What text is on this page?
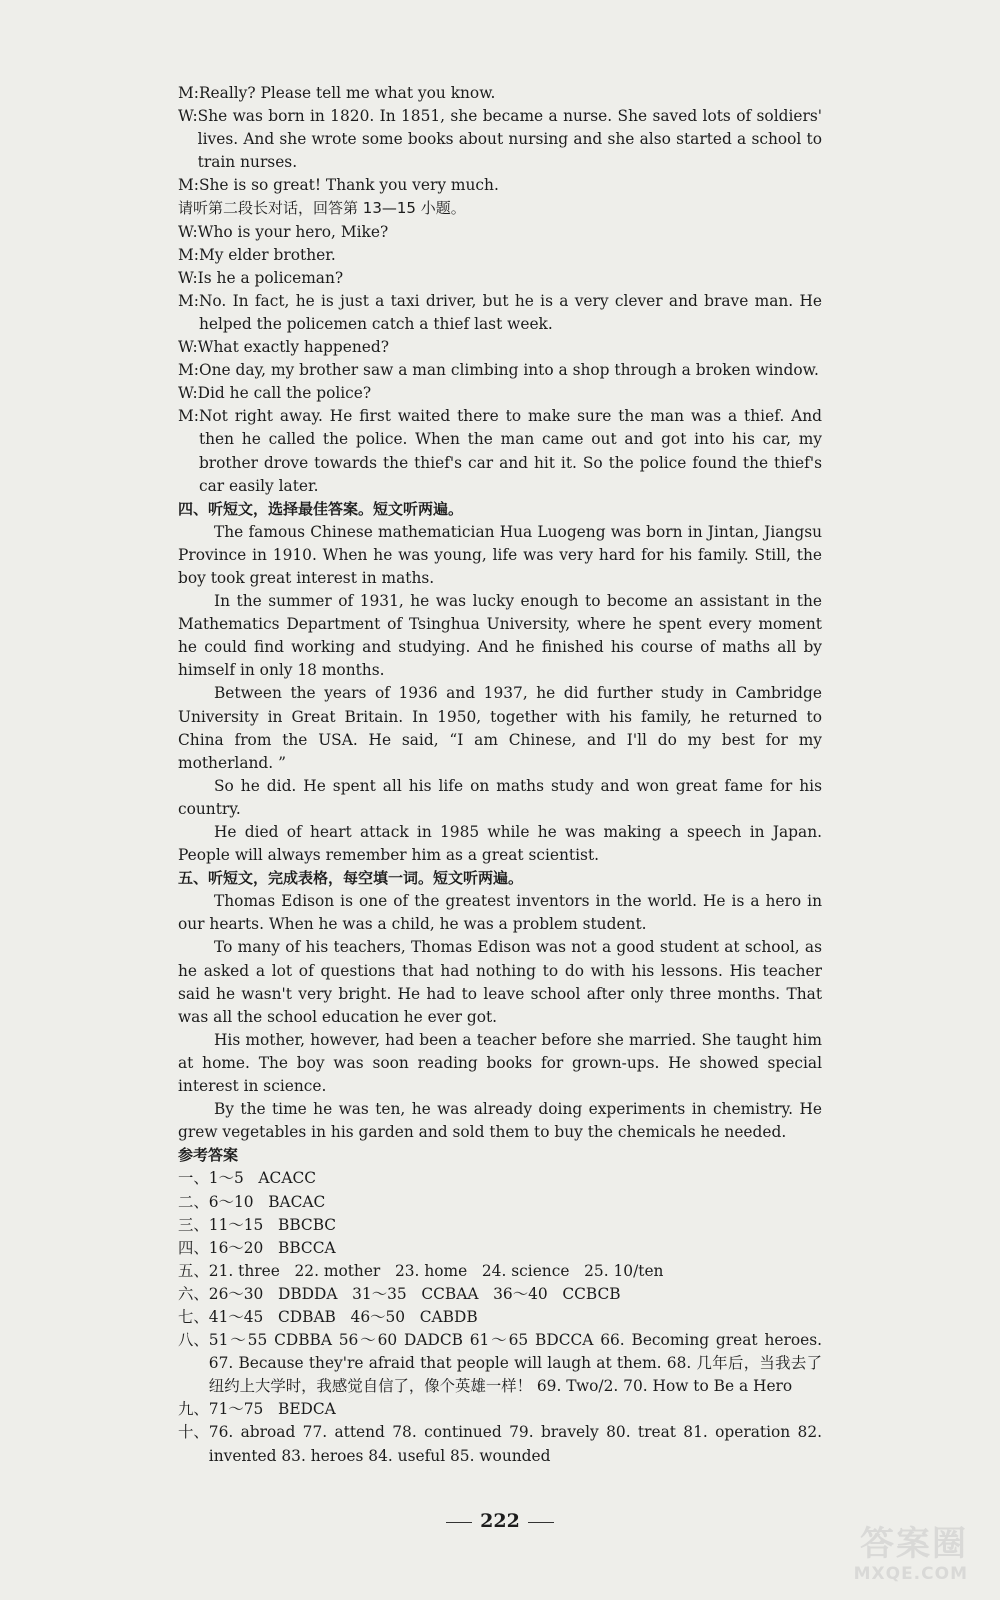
M: Really? Please tell me what you know.
W: She was born in 1820. In 1851, she became a nurse. She saved lots of soldiers' lives. And she wrote some books about nursing and she also started a school to train nurses.
M: She is so great! Thank you very much.
请听第二段长对话，回答第 13—15 小题。
W: Who is your hero, Mike?
M: My elder brother.
W: Is he a policeman?
M: No. In fact, he is just a taxi driver, but he is a very clever and brave man. He helped the policemen catch a thief last week.
W: What exactly happened?
M: One day, my brother saw a man climbing into a shop through a broken window.
W: Did he call the police?
M: Not right away. He first waited there to make sure the man was a thief. And then he called the police. When the man came out and got into his car, my brother drove towards the thief's car and hit it. So the police found the thief's car easily later.
四、听短文，选择最佳答案。短文听两遍。
The famous Chinese mathematician Hua Luogeng was born in Jintan, Jiangsu Province in 1910. When he was young, life was very hard for his family. Still, the boy took great interest in maths.
In the summer of 1931, he was lucky enough to become an assistant in the Mathematics Department of Tsinghua University, where he spent every moment he could find working and studying. And he finished his course of maths all by himself in only 18 months.
Between the years of 1936 and 1937, he did further study in Cambridge University in Great Britain. In 1950, together with his family, he returned to China from the USA. He said, “I am Chinese, and I'll do my best for my motherland. ”
So he did. He spent all his life on maths study and won great fame for his country.
He died of heart attack in 1985 while he was making a speech in Japan. People will always remember him as a great scientist.
五、听短文，完成表格，每空填一词。短文听两遍。
Thomas Edison is one of the greatest inventors in the world. He is a hero in our hearts. When he was a child, he was a problem student.
To many of his teachers, Thomas Edison was not a good student at school, as he asked a lot of questions that had nothing to do with his lessons. His teacher said he wasn't very bright. He had to leave school after only three months. That was all the school education he ever got.
His mother, however, had been a teacher before she married. She taught him at home. The boy was soon reading books for grown-ups. He showed special interest in science.
By the time he was ten, he was already doing experiments in chemistry. He grew vegetables in his garden and sold them to buy the chemicals he needed.
参考答案
一、1～5   ACACC
二、6～10   BACAC
三、11～15   BBCBC
四、16～20   BBCCA
五、21. three   22. mother   23. home   24. science   25. 10/ten
六、26～30   DBDDA   31～35   CCBAA   36～40   CCBCB
七、41～45   CDBAB   46～50   CABDB
八、 51～55 CDBBA 56～60 DADCB 61～65 BDCCA 66. Becoming great heroes. 67. Because they're afraid that people will laugh at them. 68. 几年后，当我去了纽约上大学时，我感觉自信了，像个英雄一样！ 69. Two/2. 70. How to Be a Hero
九、71～75   BEDCA
十、 76. abroad 77. attend 78. continued 79. bravely 80. treat 81. operation 82. invented 83. heroes 84. useful 85. wounded
222
答案圈
MXQE.COM
